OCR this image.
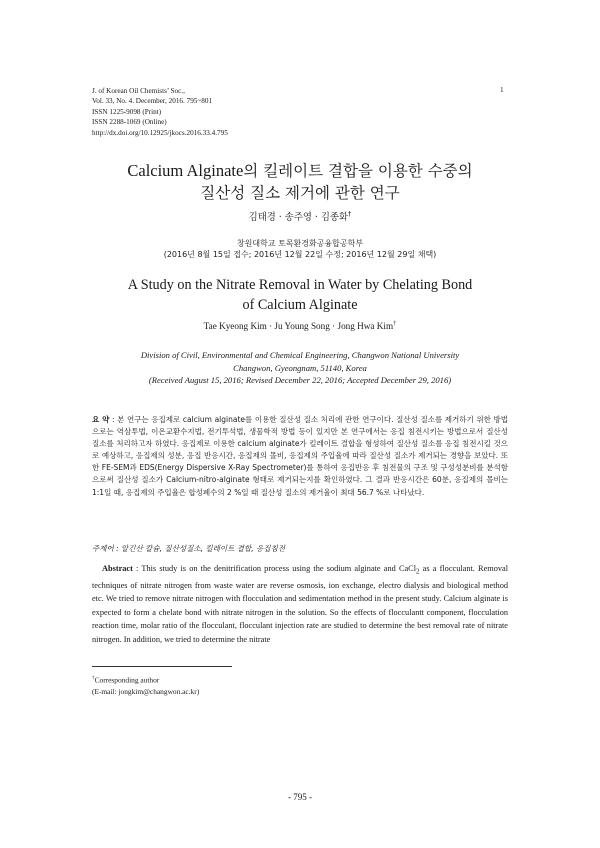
J. of Korean Oil Chemists’ Soc.,
Vol. 33, No. 4. December, 2016. 795~801
ISSN 1225-9098 (Print)
ISSN 2288-1069 (Online)
http://dx.doi.org/10.12925/jkocs.2016.33.4.795
1
Calcium Alginate의 킬레이트 결합을 이용한 수중의
질산성 질소 제거에 관한 연구
김태경 · 송주영 · 김종화†
창원대학교 토목환경화공융합공학부
(2016년 8월 15일 접수; 2016년 12월 22일 수정; 2016년 12월 29일 채택)
A Study on the Nitrate Removal in Water by Chelating Bond
of Calcium Alginate
Tae Kyeong Kim · Ju Young Song · Jong Hwa Kim†
Division of Civil, Environmental and Chemical Engineering, Changwon National University
Changwon, Gyeongnam, 51140, Korea
(Received August 15, 2016; Revised December 22, 2016; Accepted December 29, 2016)
요 약 : 본 연구는 응집제로 calcium alginate를 이용한 질산성 질소 처리에 관한 연구이다. 질산성 질소를 제거하기 위한 방법으로는 역삼투법, 이온교환수지법, 전기투석법, 생물학적 방법 등이 있지만 본 연구에서는 응집 침전시키는 방법으로서 질산성 질소를 처리하고자 하였다. 응집제로 이용한 calcium alginate가 킬레이트 결합을 형성하여 질산성 질소를 응집 침전시킬 것으로 예상하고, 응집제의 성분, 응집 반응시간, 응집제의 몰비, 응집제의 주입율에 따라 질산성 질소가 제거되는 경향을 보았다. 또한 FE-SEM과 EDS(Energy Dispersive X-Ray Spectrometer)를 통하여 응집반응 후 침전물의 구조 및 구성성분비를 분석함으로써 질산성 질소가 Calcium-nitro-alginate 형태로 제거되는지를 확인하였다. 그 결과 반응시간은 60분, 응집제의 몰비는 1:1일 때, 응집제의 주입율은 합성폐수의 2 %일 때 질산성 질소의 제거율이 최대 56.7 %로 나타났다.
주제어 : 알긴산 칼슘, 질산성질소, 킬레이트 결합, 응집침전
Abstract : This study is on the denitrification process using the sodium alginate and CaCl$_2$ as a flocculant. Removal techniques of nitrate nitrogen from waste water are reverse osmosis, ion exchange, electro dialysis and biological method etc. We tried to remove nitrate nitrogen with flocculation and sedimentation method in the present study. Calcium alginate is expected to form a chelate bond with nitrate nitrogen in the solution. So the effects of flocculantt component, flocculation reaction time, molar ratio of the flocculant, flocculant injection rate are studied to determine the best removal rate of nitrate nitrogen. In addition, we tried to determine the nitrate
†Corresponding author
(E-mail: jongkim@changwon.ac.kr)
- 795 -
